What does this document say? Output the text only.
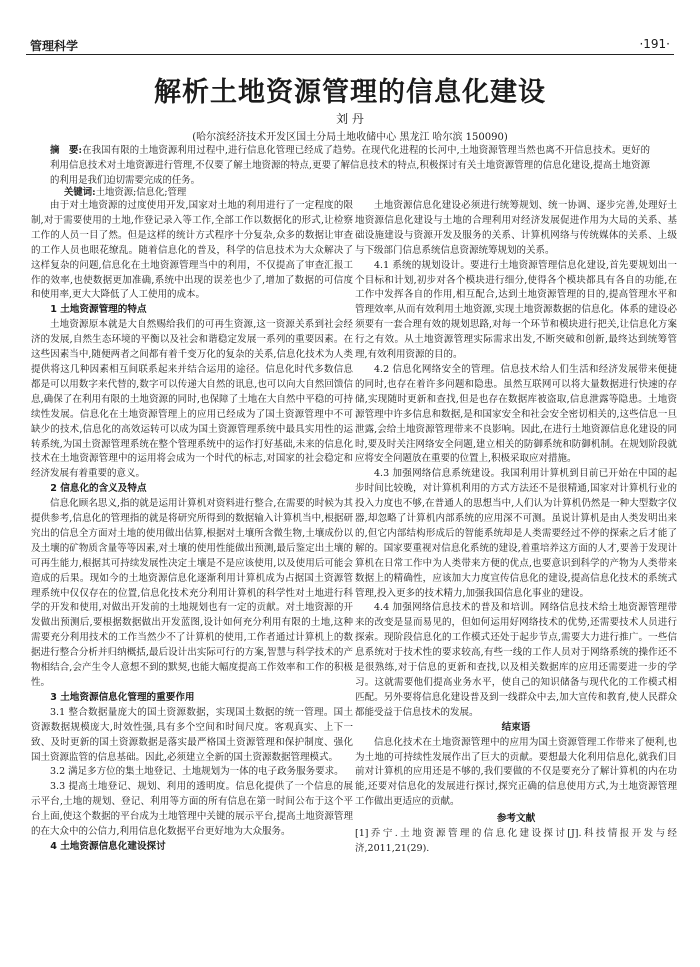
管理科学	·191·
解析土地资源管理的信息化建设
刘 丹
(哈尔滨经济技术开发区国土分局土地收储中心 黑龙江 哈尔滨 150090)
摘　要:在我国有限的土地资源利用过程中,进行信息化管理已经成了趋势。在现代化进程的长河中,土地资源管理当然也离不开信息技术。更好的利用信息技术对土地资源进行管理,不仅要了解土地资源的特点,更要了解信息技术的特点,积极探讨有关土地资源管理的信息化建设,提高土地资源的利用是我们迫切需要完成的任务。
关键词:土地资源;信息化;管理

由于对土地资源的过度使用开发,国家对土地的利用进行了一定程度的限制,对于需要使用的土地,作登记录入等工作,全部工作以数据化的形式,让检察工作的人员一目了然。但是这样的统计方式程序十分复杂,众多的数据让审查的工作人员也眼花缭乱。随着信息化的普及，科学的信息技术为大众解决了这样复杂的问题,信息化在土地资源管理当中的利用，不仅提高了审查汇报工作的效率,也使数据更加准确,系统中出现的误差也少了,增加了数据的可信度和使用率,更大大降低了人工使用的成本。

1 土地资源管理的特点

土地资源原本就是大自然赐给我们的可再生资源,这一资源关系到社会经济的发展,自然生态环境的平衡以及社会和谐稳定发展一系列的重要因素。在这些因素当中,随便两者之间都有着千变万化的复杂的关系,信息化技术为人类提供将这几种因素相互间联系起来并结合运用的途径。信息化时代多数信息都是可以用数字来代替的,数字可以传递大自然的讯息,也可以向大自然回馈信息,确保了在利用有限的土地资源的同时,也保障了土地在大自然中平稳的可持续性发展。信息化在土地资源管理上的应用已经成为了国土资源管理中不可缺少的技术,信息化的高效运转可以成为国土资源管理系统中最具实用性的运转系统,为国土资源管理系统在整个管理系统中的运作打好基础,未来的信息化技术在土地资源管理中的运用将会成为一个时代的标志,对国家的社会稳定和经济发展有着重要的意义。

2 信息化的含义及特点

信息化顾名思义,指的就是运用计算机对资料进行整合,在需要的时候为其提供参考,信息化的管理指的就是将研究所得到的数据输入计算机当中,根据研究出的信息全方面对土地的使用做出估算,根据对土壤所含微生物,土壤成份以及土壤的矿物质含量等等因素,对土壤的使用性能做出预测,最后鉴定出土壤的可再生能力,根据其可持续发展性决定土壤是不是应该使用,以及使用后可能会造成的后果。现如今的土地资源信息化逐渐利用计算机成为占据国土资源管理系统中仅仅存在的位置,信息化技术充分利用计算机的科学性对土地进行科学的开发和使用,对做出开发前的土地规划也有一定的贡献。对土地资源的开发做出预测后,要根据数据做出开发蓝图,设计如何充分利用有限的土地,这种需要充分利用技术的工作当然少不了计算机的使用,工作者通过计算机上的数据进行整合分析并归纳概括,最后设计出实际可行的方案,智慧与科学技术的产物相结合,会产生令人意想不到的默契,也能大幅度提高工作效率和工作的积极性。

3 土地资源信息化管理的重要作用

3.1 整合数据量庞大的国土资源数据，实现国土数据的统一管理。国土资源数据规模庞大,时效性强,具有多个空间和时间尺度。客观真实、上下一致、及时更新的国土资源数据是落实最严格国土资源管理和保护制度、强化国土资源监管的信息基础。因此,必须建立全新的国土资源数据管理模式。

3.2 满足多方位的集土地登记、土地规划为一体的电子政务服务要求。

3.3 提高土地登记、规划、利用的透明度。信息化提供了一个信息的展示平台,土地的规划、登记、利用等方面的所有信息在第一时间公布于这个平台上面,使这个数据的平台成为土地管理中关键的展示平台,提高土地资源管理的在大众中的公信力,利用信息化数据平台更好地为大众服务。

4 土地资源信息化建设探讨

土地资源信息化建设必须进行统筹规划、统一协调、逐步完善,处理好土地资源信息化建设与土地的合理利用对经济发展促进作用为大局的关系、基础设施建设与资源开发及服务的关系、计算机网络与传统媒体的关系、上级与下级部门信息系统信息资源统筹规划的关系。

4.1 系统的规划设计。要进行土地资源管理信息化建设,首先要规划出一个目标和计划,初步对各个模块进行细分,使得各个模块都具有各自的功能,在工作中发挥各自的作用,相互配合,达到土地资源管理的目的,提高管理水平和管理效率,从而有效利用土地资源,实现土地资源数据的信息化。体系的建设必须要有一套合理有效的规划思路,对每一个环节和模块进行把关,让信息化方案行之有效。从土地资源管理实际需求出发,不断突破和创新,最终达到统筹管理,有效利用资源的目的。

4.2 信息化网络安全的管理。信息技术给人们生活和经济发展带来便捷的同时,也存在着许多问题和隐患。虽然互联网可以将大量数据进行快速的存储,实现随时更新和查找,但是也存在数据库被盗取,信息泄露等隐患。土地资源管理中许多信息和数据,是和国家安全和社会安全密切相关的,这些信息一旦泄露,会给土地资源管理带来不良影响。因此,在进行土地资源信息化建设的同时,要及时关注网络安全问题,建立相关的防御系统和防御机制。在规划阶段就应将安全问题放在重要的位置上,积极采取应对措施。

4.3 加强网络信息系统建设。我国利用计算机到目前已开始在中国的起步时间比较晚，对计算机利用的方式方法还不是很精通,国家对计算机行业的投入力度也不够,在普通人的思想当中,人们认为计算机仍然是一种大型数字仪器,却忽略了计算机内部系统的应用深不可测。虽说计算机是由人类发明出来的,但它内部结构形成后的智能系统却是人类需要经过不停的探索之后才能了解的。国家要重视对信息化系统的建设,着重培养这方面的人才,要善于发现计算机在日常工作中为人类带来方便的优点,也要意识到科学的产物为人类带来数据上的精确性，应该加大力度宣传信息化的建设,提高信息化技术的系统式管理,投入更多的技术精力,加强我国信息化事业的建设。

4.4 加强网络信息技术的普及和培训。网络信息技术给土地资源管理带来的改变是显而易见的，但如何运用好网络技术的优势,还需要技术人员进行探索。现阶段信息化的工作模式还处于起步节点,需要大力进行推广。一些信息系统对于技术性的要求较高,有些一线的工作人员对于网络系统的操作还不是很熟练,对于信息的更新和查找,以及相关数据库的应用还需要进一步的学习。这就需要他们提高业务水平，使自己的知识储备与现代化的工作模式相匹配。另外要将信息化建设普及到一线群众中去,加大宣传和教育,使人民群众都能受益于信息技术的发展。

结束语

信息化技术在土地资源管理中的应用为国土资源管理工作带来了便利,也为土地的可持续性发展作出了巨大的贡献。要想最大化利用信息化,就我们目前对计算机的应用还是不够的,我们要做的不仅是要充分了解计算机的内在功能,还要对信息化的发展进行探讨,探究正确的信息使用方式,为土地资源管理工作做出更适应的贡献。

参考文献

[1]乔宁.土地资源管理的信息化建设探讨[J].科技情报开发与经济,2011,21(29).
